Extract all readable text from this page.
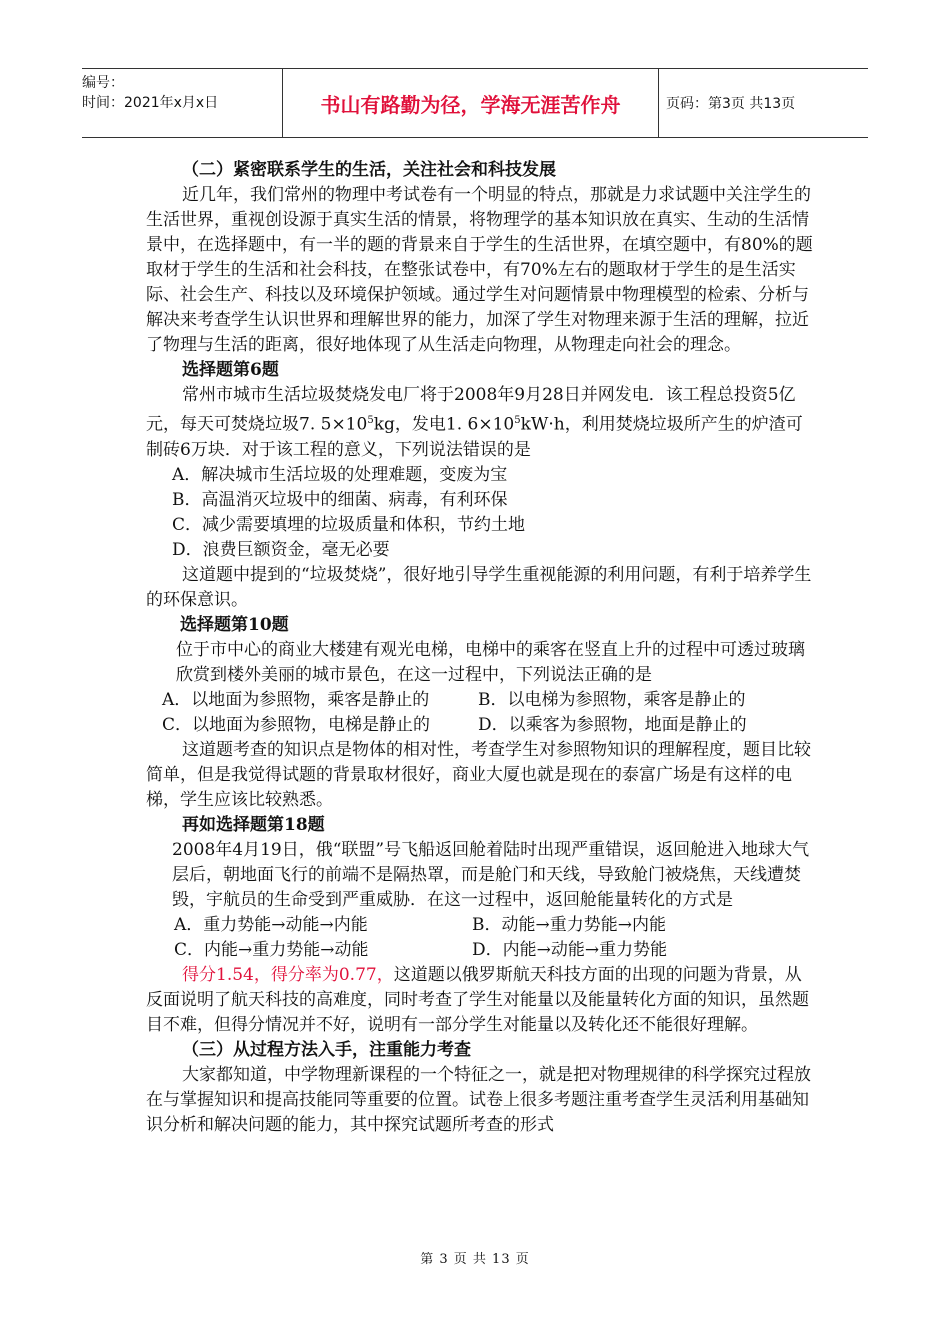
编号：
时间：2021年x月x日	书山有路勤为径，学海无涯苦作舟	页码：第3页 共13页

（二）紧密联系学生的生活，关注社会和科技发展

近几年，我们常州的物理中考试卷有一个明显的特点，那就是力求试题中关注学生的生活世界，重视创设源于真实生活的情景，将物理学的基本知识放在真实、生动的生活情景中，在选择题中，有一半的题的背景来自于学生的生活世界，在填空题中，有80%的题取材于学生的生活和社会科技，在整张试卷中，有70%左右的题取材于学生的是生活实际、社会生产、科技以及环境保护领域。通过学生对问题情景中物理模型的检索、分析与解决来考查学生认识世界和理解世界的能力，加深了学生对物理来源于生活的理解，拉近了物理与生活的距离，很好地体现了从生活走向物理，从物理走向社会的理念。

选择题第6题

常州市城市生活垃圾焚烧发电厂将于2008年9月28日并网发电．该工程总投资5亿元，每天可焚烧垃圾7. $5\times 10^5kg$，发电1. $6\times 10^5kW\cdot h$，利用焚烧垃圾所产生的炉渣可制砖6万块．对于该工程的意义，下列说法错误的是

A．解决城市生活垃圾的处理难题，变废为宝

B．高温消灭垃圾中的细菌、病毒，有利环保

C．减少需要填埋的垃圾质量和体积，节约土地

D．浪费巨额资金，毫无必要

这道题中提到的“垃圾焚烧”，很好地引导学生重视能源的利用问题，有利于培养学生的环保意识。

选择题第10题

位于市中心的商业大楼建有观光电梯，电梯中的乘客在竖直上升的过程中可透过玻璃欣赏到楼外美丽的城市景色，在这一过程中，下列说法正确的是

A．以地面为参照物，乘客是静止的	B．以电梯为参照物，乘客是静止的
C．以地面为参照物，电梯是静止的	D．以乘客为参照物，地面是静止的

这道题考查的知识点是物体的相对性，考查学生对参照物知识的理解程度，题目比较简单，但是我觉得试题的背景取材很好，商业大厦也就是现在的泰富广场是有这样的电梯，学生应该比较熟悉。

再如选择题第18题

2008年4月19日，俄“联盟”号飞船返回舱着陆时出现严重错误，返回舱进入地球大气层后，朝地面飞行的前端不是隔热罩，而是舱门和天线，导致舱门被烧焦，天线遭焚毁，宇航员的生命受到严重威胁．在这一过程中，返回舱能量转化的方式是

A．重力势能→动能→内能	B．动能→重力势能→内能
C．内能→重力势能→动能	D．内能→动能→重力势能

得分1.54，得分率为0.77，这道题以俄罗斯航天科技方面的出现的问题为背景，从反面说明了航天科技的高难度，同时考查了学生对能量以及能量转化方面的知识，虽然题目不难，但得分情况并不好，说明有一部分学生对能量以及转化还不能很好理解。

（三）从过程方法入手，注重能力考查

大家都知道，中学物理新课程的一个特征之一，就是把对物理规律的科学探究过程放在与掌握知识和提高技能同等重要的位置。试卷上很多考题注重考查学生灵活利用基础知识分析和解决问题的能力，其中探究试题所考查的形式

第 3 页 共 13 页
